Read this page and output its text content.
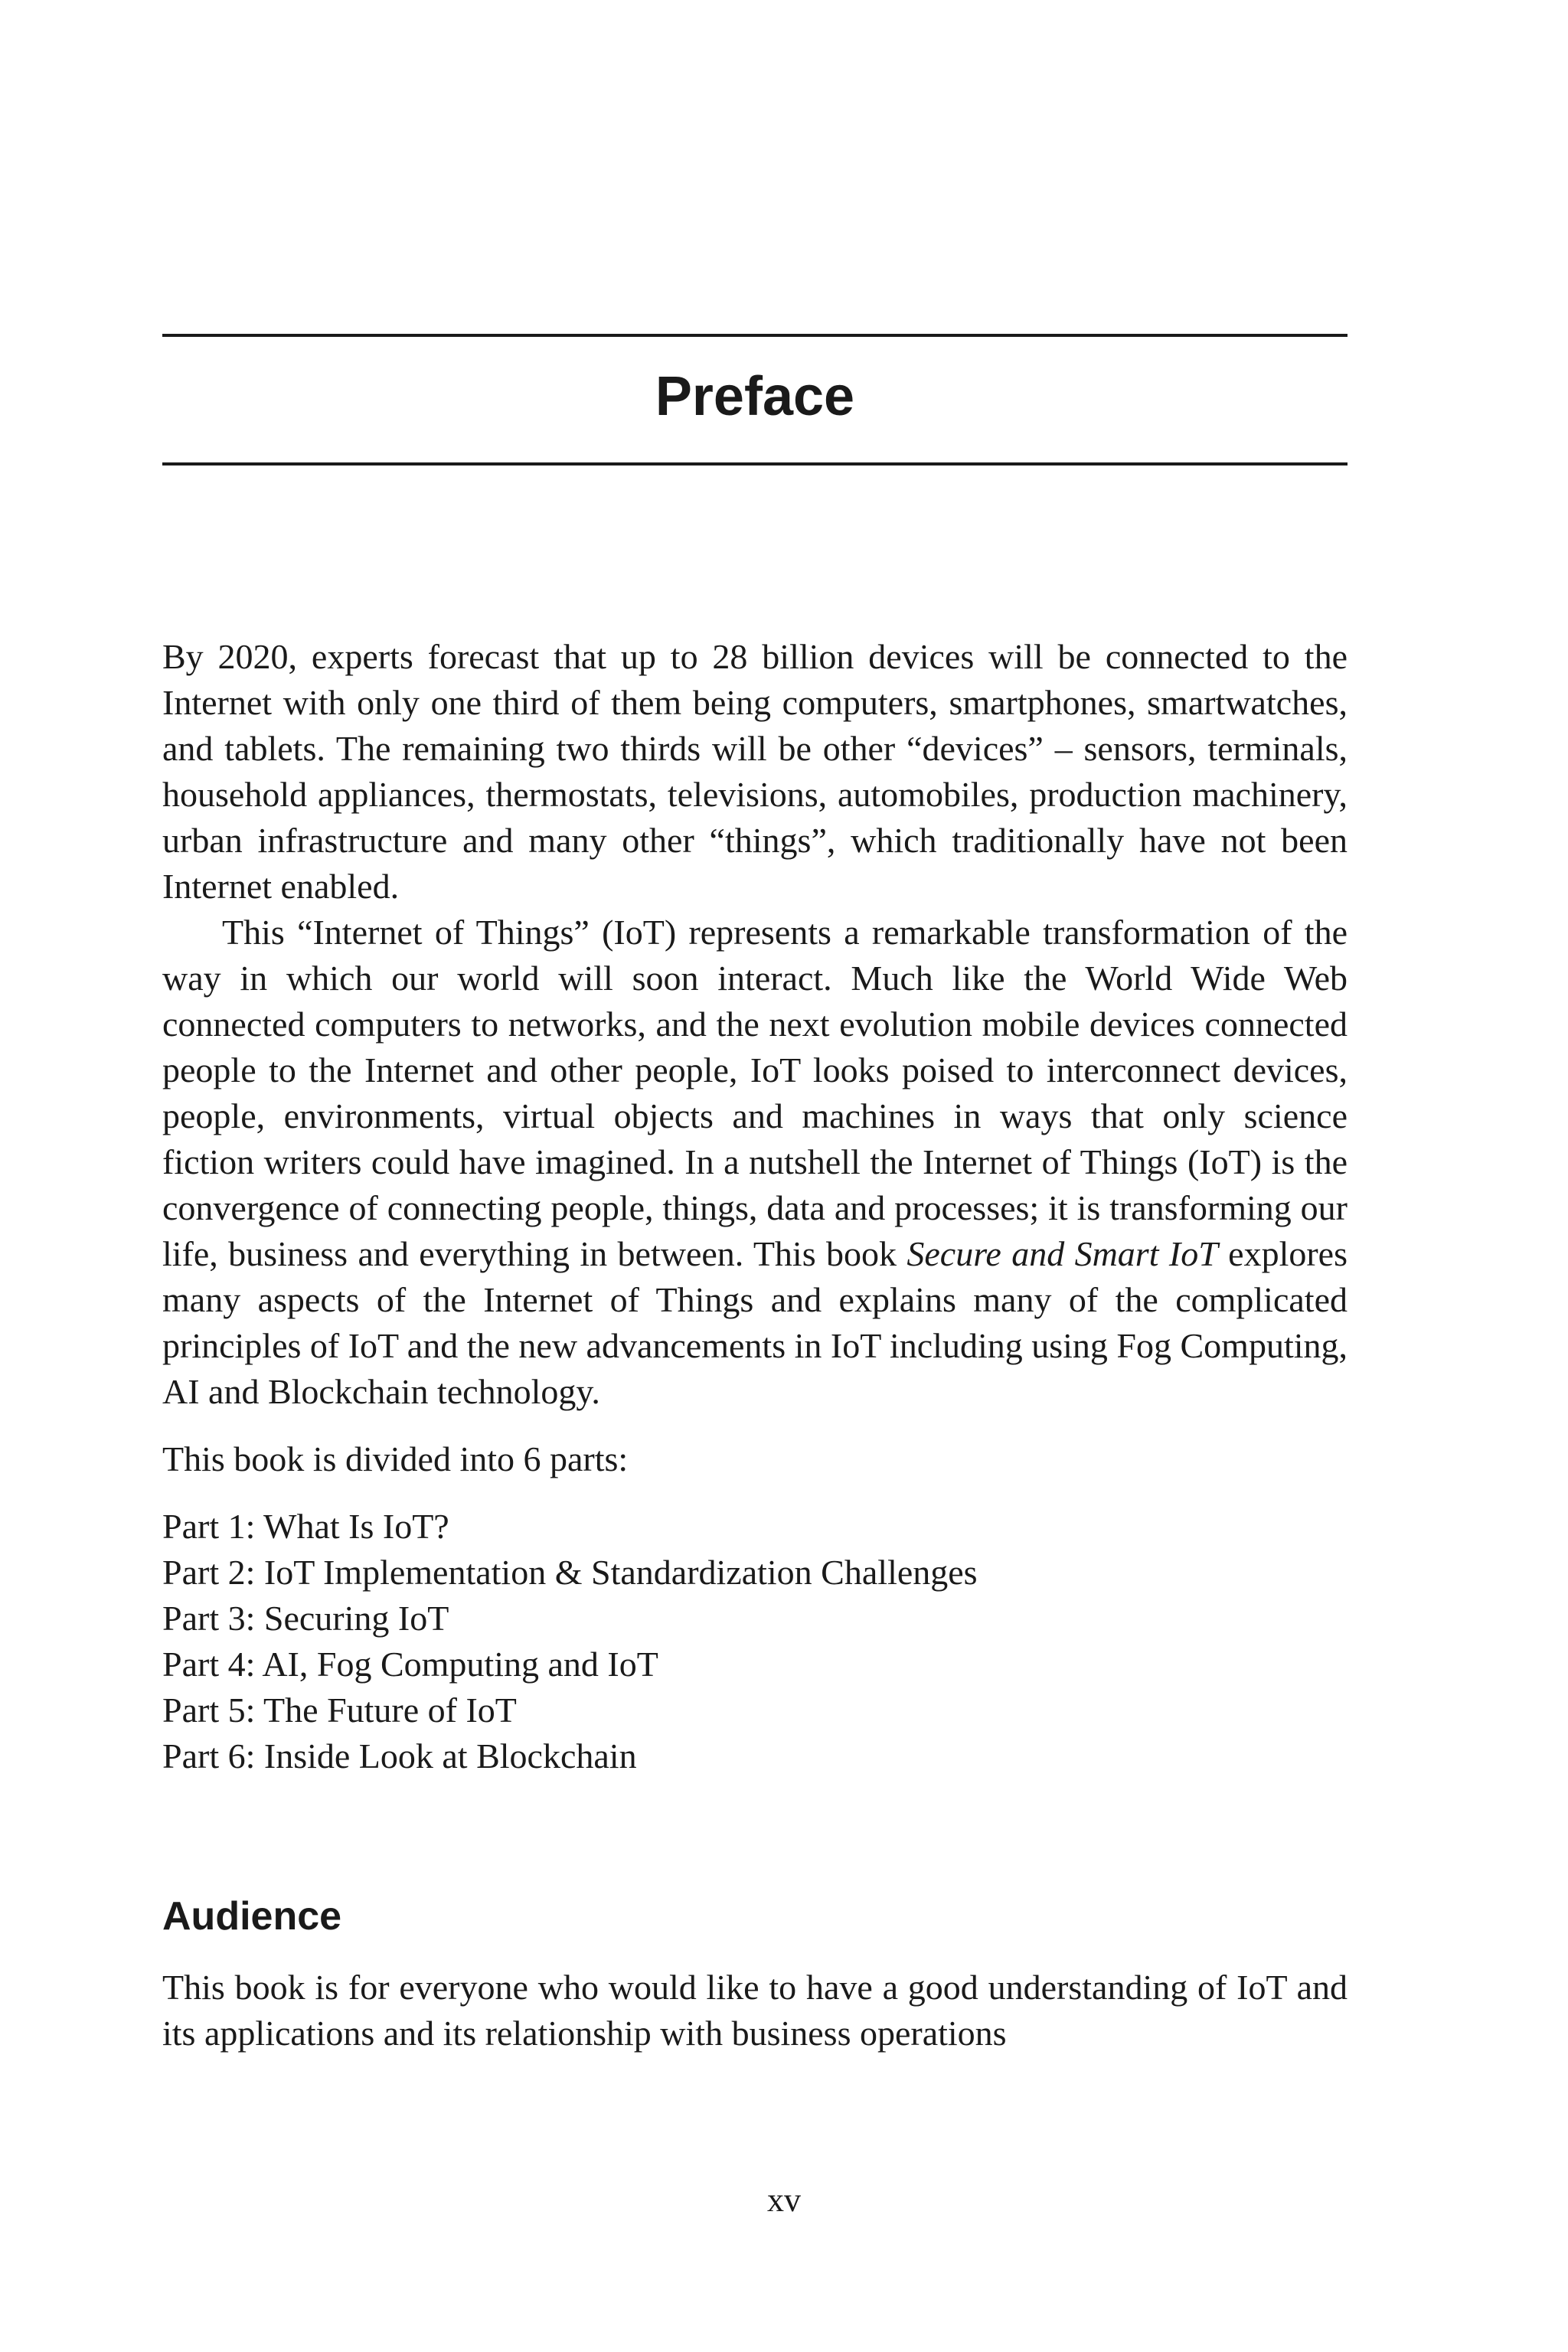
Preface

By 2020, experts forecast that up to 28 billion devices will be connected to the Internet with only one third of them being computers, smartphones, smartwatches, and tablets. The remaining two thirds will be other “devices” – sensors, terminals, household appliances, thermostats, televisions, automobiles, production machinery, urban infrastructure and many other “things”, which traditionally have not been Internet enabled.

This “Internet of Things” (IoT) represents a remarkable transformation of the way in which our world will soon interact. Much like the World Wide Web connected computers to networks, and the next evolution mobile devices connected people to the Internet and other people, IoT looks poised to interconnect devices, people, environments, virtual objects and machines in ways that only science fiction writers could have imagined. In a nutshell the Internet of Things (IoT) is the convergence of connecting people, things, data and processes; it is transforming our life, business and everything in between. This book Secure and Smart IoT explores many aspects of the Internet of Things and explains many of the complicated principles of IoT and the new advancements in IoT including using Fog Computing, AI and Blockchain technology.

This book is divided into 6 parts:

Part 1: What Is IoT?

Part 2: IoT Implementation & Standardization Challenges

Part 3: Securing IoT

Part 4: AI, Fog Computing and IoT

Part 5: The Future of IoT

Part 6: Inside Look at Blockchain

Audience

This book is for everyone who would like to have a good understanding of IoT and its applications and its relationship with business operations

xv
